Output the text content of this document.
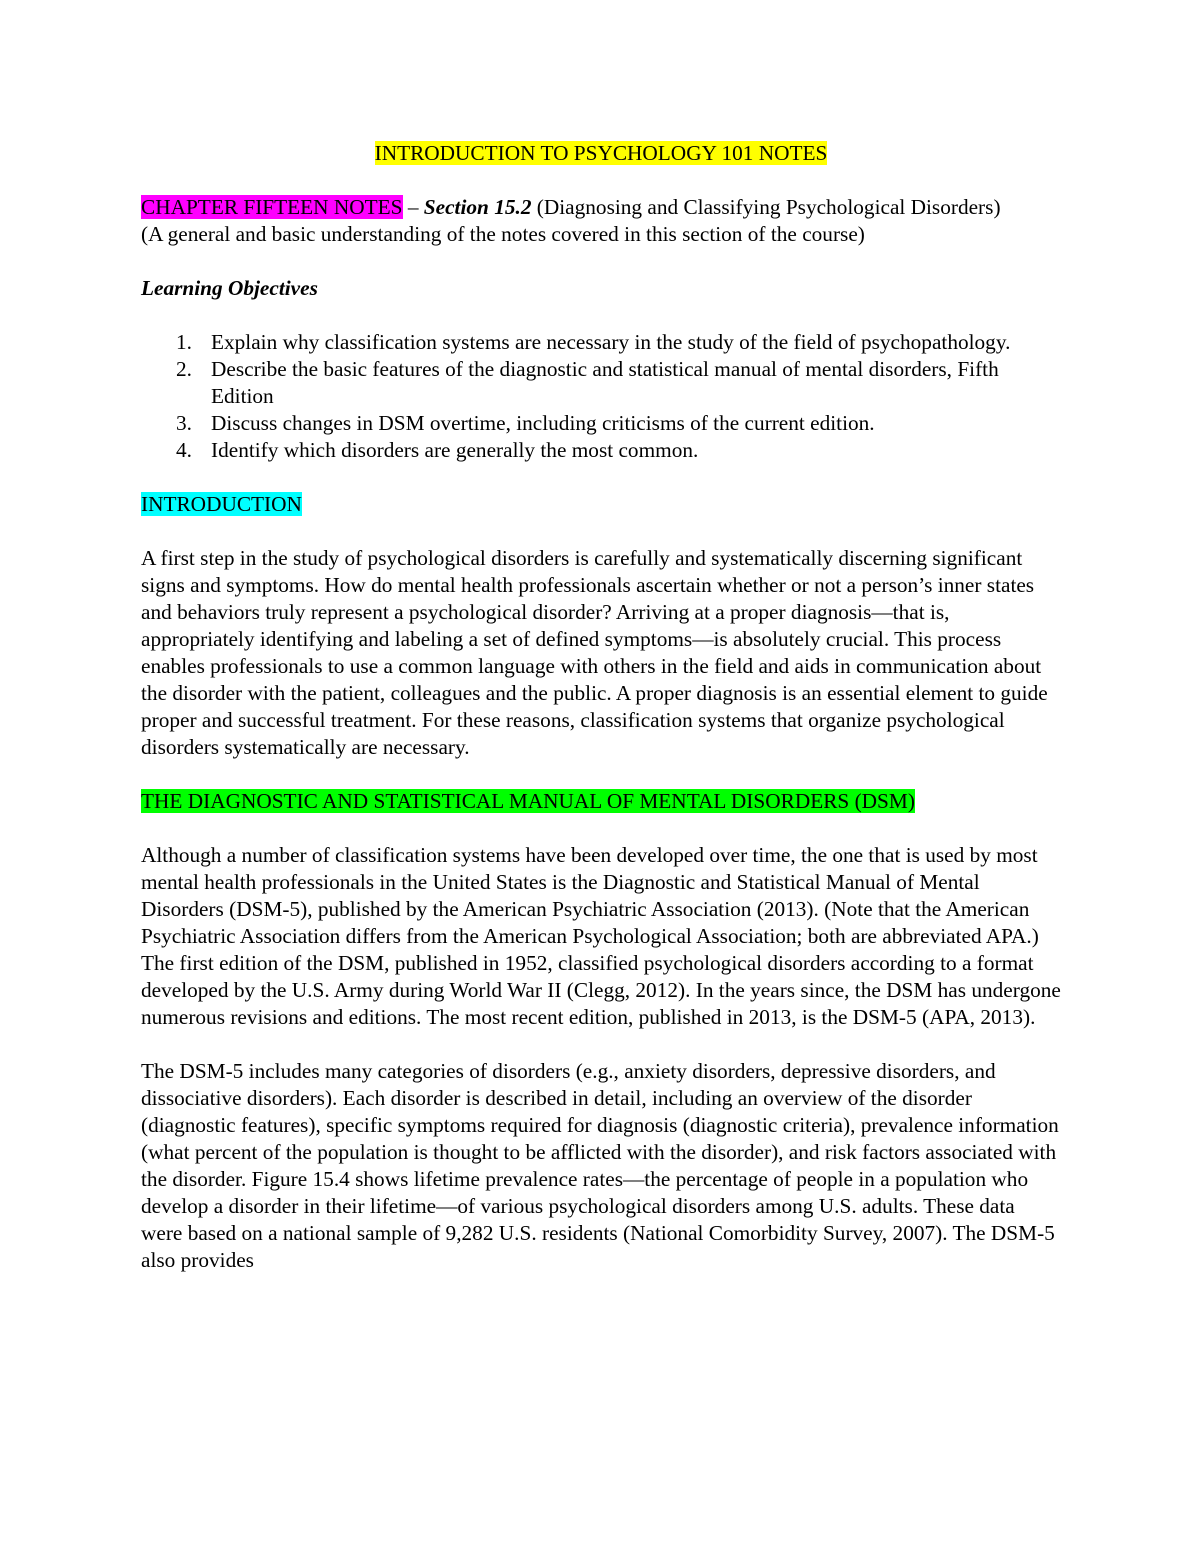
INTRODUCTION TO PSYCHOLOGY 101 NOTES

CHAPTER FIFTEEN NOTES – Section 15.2 (Diagnosing and Classifying Psychological Disorders)

(A general and basic understanding of the notes covered in this section of the course)

Learning Objectives

1. Explain why classification systems are necessary in the study of the field of psychopathology.
2. Describe the basic features of the diagnostic and statistical manual of mental disorders, Fifth Edition
3. Discuss changes in DSM overtime, including criticisms of the current edition.
4. Identify which disorders are generally the most common.

INTRODUCTION

A first step in the study of psychological disorders is carefully and systematically discerning significant signs and symptoms. How do mental health professionals ascertain whether or not a person’s inner states and behaviors truly represent a psychological disorder? Arriving at a proper diagnosis—that is, appropriately identifying and labeling a set of defined symptoms—is absolutely crucial. This process enables professionals to use a common language with others in the field and aids in communication about the disorder with the patient, colleagues and the public. A proper diagnosis is an essential element to guide proper and successful treatment. For these reasons, classification systems that organize psychological disorders systematically are necessary.

THE DIAGNOSTIC AND STATISTICAL MANUAL OF MENTAL DISORDERS (DSM)

Although a number of classification systems have been developed over time, the one that is used by most mental health professionals in the United States is the Diagnostic and Statistical Manual of Mental Disorders (DSM-5), published by the American Psychiatric Association (2013). (Note that the American Psychiatric Association differs from the American Psychological Association; both are abbreviated APA.) The first edition of the DSM, published in 1952, classified psychological disorders according to a format developed by the U.S. Army during World War II (Clegg, 2012). In the years since, the DSM has undergone numerous revisions and editions. The most recent edition, published in 2013, is the DSM-5 (APA, 2013).

The DSM-5 includes many categories of disorders (e.g., anxiety disorders, depressive disorders, and dissociative disorders). Each disorder is described in detail, including an overview of the disorder (diagnostic features), specific symptoms required for diagnosis (diagnostic criteria), prevalence information (what percent of the population is thought to be afflicted with the disorder), and risk factors associated with the disorder. Figure 15.4 shows lifetime prevalence rates—the percentage of people in a population who develop a disorder in their lifetime—of various psychological disorders among U.S. adults. These data were based on a national sample of 9,282 U.S. residents (National Comorbidity Survey, 2007). The DSM-5 also provides
